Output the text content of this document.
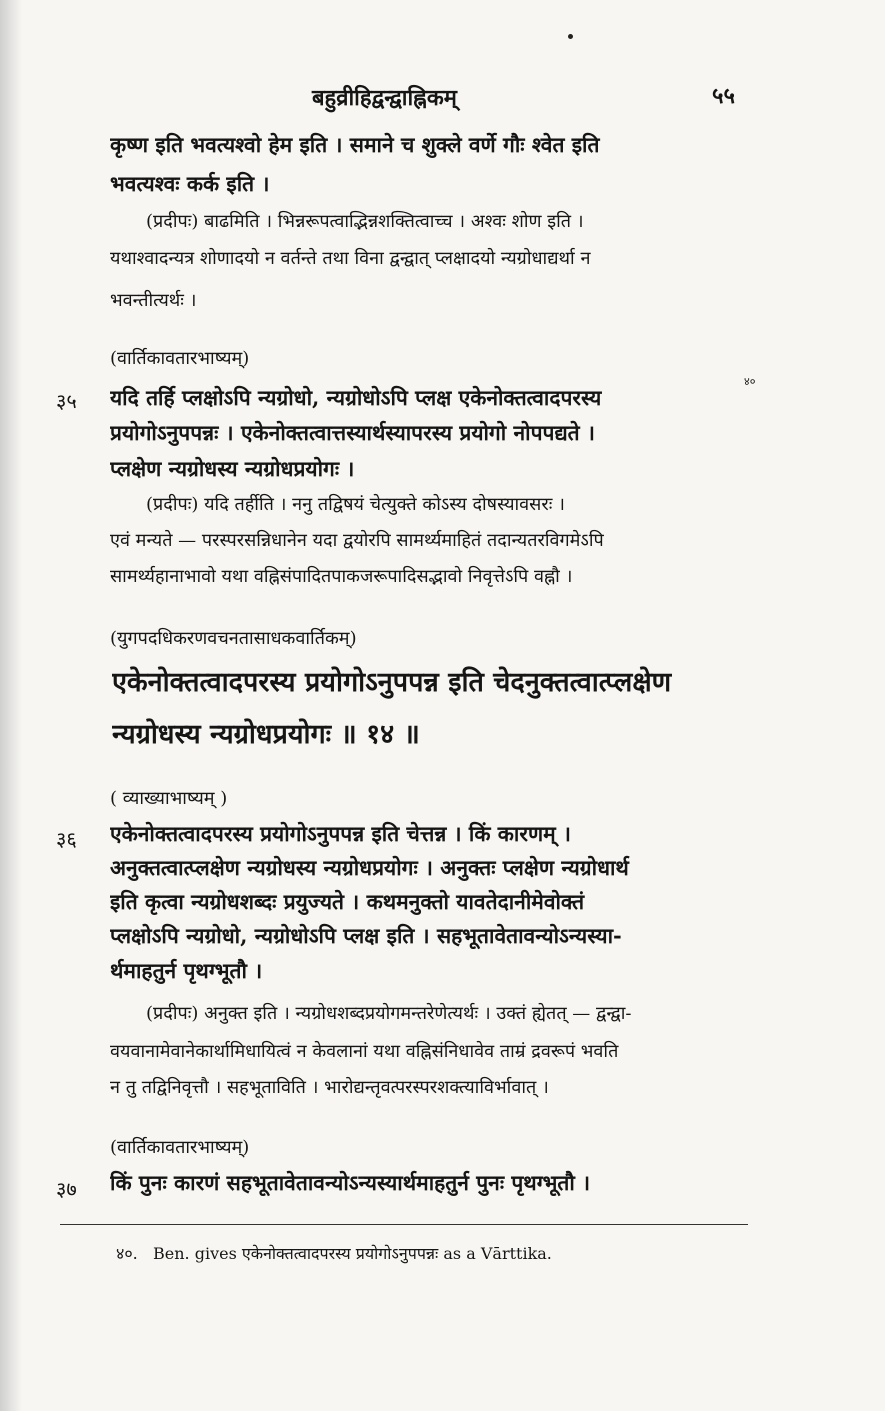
बहुव्रीहिद्वन्द्वाह्निकम्	५५
कृष्ण इति भवत्यश्वो हेम इति । समाने च शुक्ले वर्णे गौः श्वेत इति
भवत्यश्वः कर्क इति ।
(प्रदीपः) बाढमिति । भिन्नरूपत्वाद्भिन्नशक्तित्वाच्च । अश्वः शोण इति ।
यथाश्वादन्यत्र शोणादयो न वर्तन्ते तथा विना द्वन्द्वात् प्लक्षादयो न्यग्रोधाद्यर्था न
भवन्तीत्यर्थः ।
(वार्तिकावतारभाष्यम्)
३५ यदि तर्हि प्लक्षोऽपि न्यग्रोधो, न्यग्रोधोऽपि प्लक्ष एकेनोक्तत्वादपरस्य
४०
प्रयोगोऽनुपपन्नः । एकेनोक्तत्वात्तस्यार्थस्यापरस्य प्रयोगो नोपपद्यते ।
प्लक्षेण न्यग्रोधस्य न्यग्रोधप्रयोगः ।
(प्रदीपः) यदि तर्हीति । ननु तद्विषयं चेत्युक्ते कोऽस्य दोषस्यावसरः ।
एवं मन्यते — परस्परसन्निधानेन यदा द्वयोरपि सामर्थ्यमाहितं तदान्यतरविगमेऽपि
सामर्थ्यहानाभावो यथा वह्निसंपादितपाकजरूपादिसद्भावो निवृत्तेऽपि वह्नौ ।
(युगपदधिकरणवचनतासाधकवार्तिकम्)
एकेनोक्तत्वादपरस्य प्रयोगोऽनुपपन्न इति चेदनुक्तत्वात्प्लक्षेण
न्यग्रोधस्य न्यग्रोधप्रयोगः ॥ १४ ॥
( व्याख्याभाष्यम् )
३६ एकेनोक्तत्वादपरस्य प्रयोगोऽनुपपन्न इति चेत्तन्न । किं कारणम् ।
अनुक्तत्वात्प्लक्षेण न्यग्रोधस्य न्यग्रोधप्रयोगः । अनुक्तः प्लक्षेण न्यग्रोधार्थ
इति कृत्वा न्यग्रोधशब्दः प्रयुज्यते । कथमनुक्तो यावतेदानीमेवोक्तं
प्लक्षोऽपि न्यग्रोधो, न्यग्रोधोऽपि प्लक्ष इति । सहभूतावेतावन्योऽन्यस्या-
र्थमाहतुर्न पृथग्भूतौ ।
(प्रदीपः) अनुक्त इति । न्यग्रोधशब्दप्रयोगमन्तरेणेत्यर्थः । उक्तं ह्येतत् — द्वन्द्वा-
वयवानामेवानेकार्थामिधायित्वं न केवलानां यथा वह्निसंनिधावेव ताम्रं द्रवरूपं भवति
न तु तद्विनिवृत्तौ । सहभूताविति । भारोद्यन्तृवत्परस्परशक्त्याविर्भावात् ।
(वार्तिकावतारभाष्यम्)
३७ किं पुनः कारणं सहभूतावेतावन्योऽन्यस्यार्थमाहतुर्न पुनः पृथग्भूतौ ।
४०. Ben. gives एकेनोक्तत्वादपरस्य प्रयोगोऽनुपपन्नः as a Vārttika.
